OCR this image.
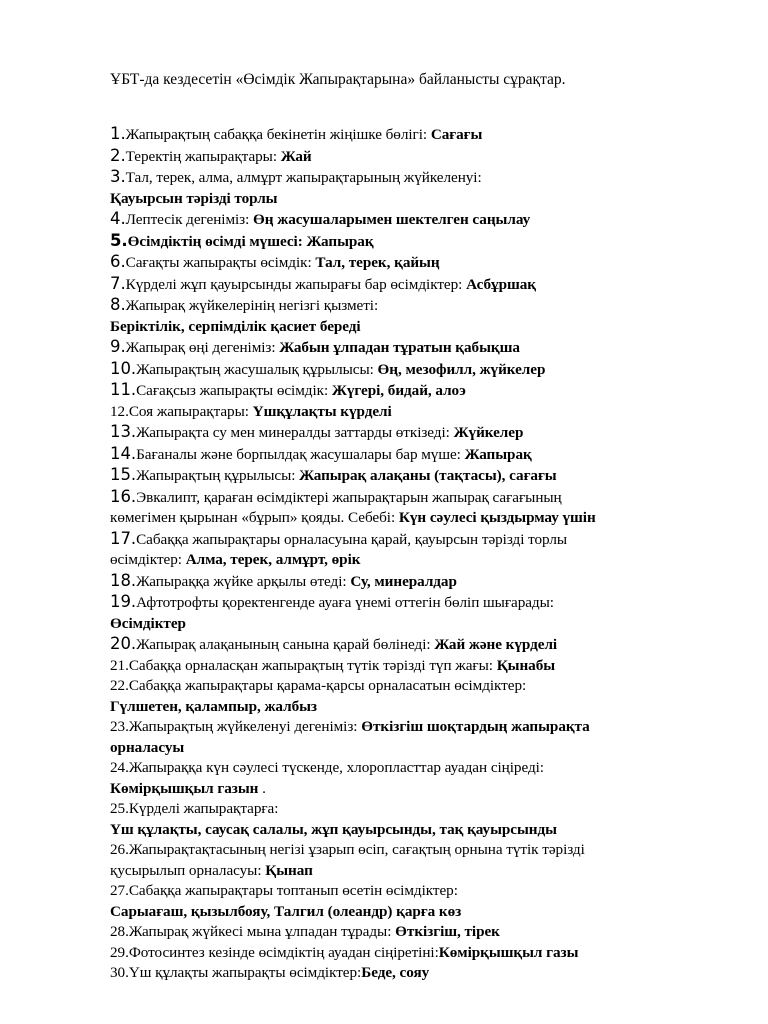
ҰБТ-да кездесетін «Өсімдік Жапырақтарына» байланысты сұрақтар.
1.Жапырақтың сабаққа бекінетін жіңішке бөлігі: Сағағы
2.Теректің жапырақтары: Жай
3.Тал, терек, алма, алмұрт жапырақтарының жүйкеленуі:
Қауырсын тәрізді торлы
4.Лептесік дегеніміз: Өң жасушаларымен шектелген саңылау
5.Өсімдіктің өсімді мүшесі: Жапырақ
6.Сағақты жапырақты өсімдік: Тал, терек, қайың
7.Күрделі жұп қауырсынды жапырағы бар өсімдіктер: Асбұршақ
8.Жапырақ жүйкелерінің негізгі қызметі:
Беріктілік, серпімділік қасиет береді
9.Жапырақ өңі дегеніміз: Жабын ұлпадан тұратын қабықша
10.Жапырақтың жасушалық құрылысы: Өң, мезофилл, жүйкелер
11.Сағақсыз жапырақты өсімдік: Жүгері, бидай, алоэ
12.Соя жапырақтары: Үшқұлақты күрделі
13.Жапырақта су мен минералды заттарды өткізеді: Жүйкелер
14.Бағаналы және борпылдақ жасушалары бар мүше: Жапырақ
15.Жапырақтың құрылысы: Жапырақ алақаны (тақтасы), сағағы
16.Эвкалипт, қараған өсімдіктері жапырақтарын жапырақ сағағының
көмегімен қырынан «бұрып» қояды. Себебі: Күн сәулесі қыздырмау үшін
17.Сабаққа жапырақтары орналасуына қарай, қауырсын тәрізді торлы
өсімдіктер: Алма, терек, алмұрт, өрік
18.Жапыраққа жүйке арқылы өтеді: Су, минералдар
19.Афтотрофты қоректенгенде ауаға үнемі оттегін бөліп шығарады:
Өсімдіктер
20.Жапырақ алақанының санына қарай бөлінеді: Жай және күрделі
21.Сабаққа орналасқан жапырақтың түтік тәрізді түп жағы: Қынабы
22.Сабаққа жапырақтары қарама-қарсы орналасатын өсімдіктер:
Гүлшетен, қалампыр, жалбыз
23.Жапырақтың жүйкеленуі дегеніміз: Өткізгіш шоқтардың жапырақта
орналасуы
24.Жапыраққа күн сәулесі түскенде, хлоропласттар ауадан сіңіреді:
Көмірқышқыл газын .
25.Күрделі жапырақтарға:
Үш құлақты, саусақ салалы, жұп қауырсынды, тақ қауырсынды
26.Жапырақтақтасының негізі ұзарып өсіп, сағақтың орнына түтік тәрізді
қусырылып орналасуы: Қынап
27.Сабаққа жапырақтары топтанып өсетін өсімдіктер:
Сарыағаш, қызылбояу, Талгил (олеандр) қарға көз
28.Жапырақ жүйкесі мына ұлпадан тұрады: Өткізгіш, тірек
29.Фотосинтез кезінде өсімдіктің ауадан сіңіретіні:Көмірқышқыл газы
30.Үш құлақты жапырақты өсімдіктер:Беде, сояу
